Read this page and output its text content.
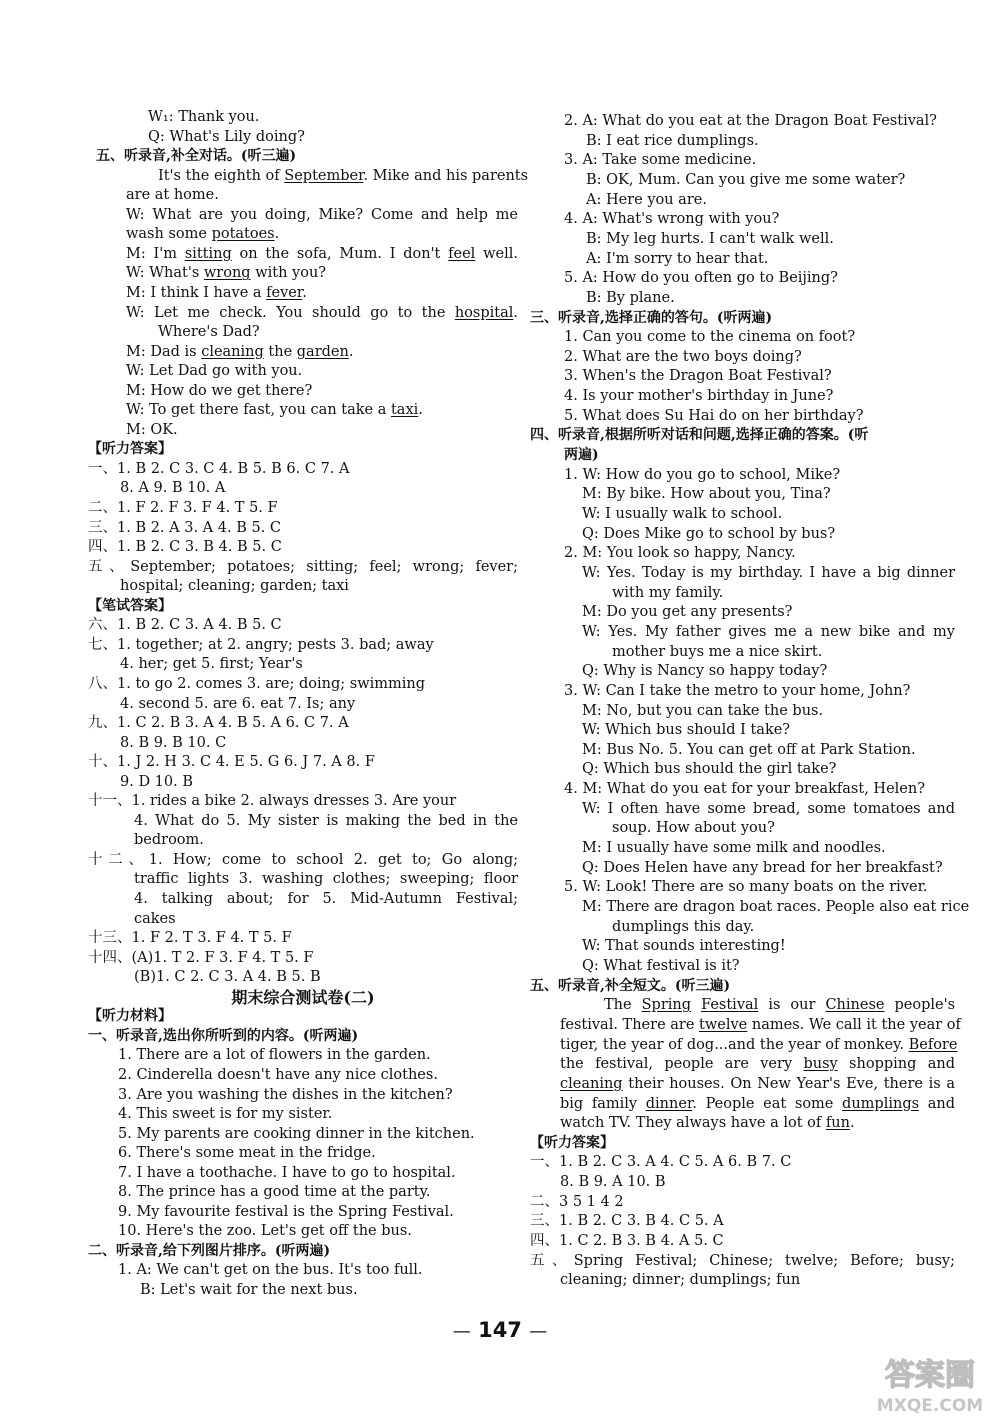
W₁: Thank you.
Q: What's Lily doing?
五、听录音,补全对话。(听三遍)
It's the eighth of September. Mike and his parents
are at home.
W: What are you doing, Mike? Come and help me
wash some potatoes.
M: I'm sitting on the sofa, Mum. I don't feel well.
W: What's wrong with you?
M: I think I have a fever.
W: Let me check. You should go to the hospital.
Where's Dad?
M: Dad is cleaning the garden.
W: Let Dad go with you.
M: How do we get there?
W: To get there fast, you can take a taxi.
M: OK.
【听力答案】
一、1. B 2. C 3. C 4. B 5. B 6. C 7. A
8. A 9. B 10. A
二、1. F 2. F 3. F 4. T 5. F
三、1. B 2. A 3. A 4. B 5. C
四、1. B 2. C 3. B 4. B 5. C
五、September; potatoes; sitting; feel; wrong; fever;
hospital; cleaning; garden; taxi
【笔试答案】
六、1. B 2. C 3. A 4. B 5. C
七、1. together; at 2. angry; pests 3. bad; away
4. her; get 5. first; Year's
八、1. to go 2. comes 3. are; doing; swimming
4. second 5. are 6. eat 7. Is; any
九、1. C 2. B 3. A 4. B 5. A 6. C 7. A
8. B 9. B 10. C
十、1. J 2. H 3. C 4. E 5. G 6. J 7. A 8. F
9. D 10. B
十一、1. rides a bike 2. always dresses 3. Are your
4. What do 5. My sister is making the bed in the
bedroom.
十二、1. How; come to school 2. get to; Go along;
traffic lights 3. washing clothes; sweeping; floor
4. talking about; for 5. Mid-Autumn Festival;
cakes
十三、1. F 2. T 3. F 4. T 5. F
十四、(A)1. T 2. F 3. F 4. T 5. F
(B)1. C 2. C 3. A 4. B 5. B
期末综合测试卷(二)
【听力材料】
一、听录音,选出你所听到的内容。(听两遍)
1. There are a lot of flowers in the garden.
2. Cinderella doesn't have any nice clothes.
3. Are you washing the dishes in the kitchen?
4. This sweet is for my sister.
5. My parents are cooking dinner in the kitchen.
6. There's some meat in the fridge.
7. I have a toothache. I have to go to hospital.
8. The prince has a good time at the party.
9. My favourite festival is the Spring Festival.
10. Here's the zoo. Let's get off the bus.
二、听录音,给下列图片排序。(听两遍)
1. A: We can't get on the bus. It's too full.
B: Let's wait for the next bus.
2. A: What do you eat at the Dragon Boat Festival?
B: I eat rice dumplings.
3. A: Take some medicine.
B: OK, Mum. Can you give me some water?
A: Here you are.
4. A: What's wrong with you?
B: My leg hurts. I can't walk well.
A: I'm sorry to hear that.
5. A: How do you often go to Beijing?
B: By plane.
三、听录音,选择正确的答句。(听两遍)
1. Can you come to the cinema on foot?
2. What are the two boys doing?
3. When's the Dragon Boat Festival?
4. Is your mother's birthday in June?
5. What does Su Hai do on her birthday?
四、听录音,根据所听对话和问题,选择正确的答案。(听
两遍)
1. W: How do you go to school, Mike?
M: By bike. How about you, Tina?
W: I usually walk to school.
Q: Does Mike go to school by bus?
2. M: You look so happy, Nancy.
W: Yes. Today is my birthday. I have a big dinner
with my family.
M: Do you get any presents?
W: Yes. My father gives me a new bike and my
mother buys me a nice skirt.
Q: Why is Nancy so happy today?
3. W: Can I take the metro to your home, John?
M: No, but you can take the bus.
W: Which bus should I take?
M: Bus No. 5. You can get off at Park Station.
Q: Which bus should the girl take?
4. M: What do you eat for your breakfast, Helen?
W: I often have some bread, some tomatoes and
soup. How about you?
M: I usually have some milk and noodles.
Q: Does Helen have any bread for her breakfast?
5. W: Look! There are so many boats on the river.
M: There are dragon boat races. People also eat rice
dumplings this day.
W: That sounds interesting!
Q: What festival is it?
五、听录音,补全短文。(听三遍)
The Spring Festival is our Chinese people's
festival. There are twelve names. We call it the year of
tiger, the year of dog...and the year of monkey. Before
the festival, people are very busy shopping and
cleaning their houses. On New Year's Eve, there is a
big family dinner. People eat some dumplings and
watch TV. They always have a lot of fun.
【听力答案】
一、1. B 2. C 3. A 4. C 5. A 6. B 7. C
8. B 9. A 10. B
二、3 5 1 4 2
三、1. B 2. C 3. B 4. C 5. A
四、1. C 2. B 3. B 4. A 5. C
五、Spring Festival; Chinese; twelve; Before; busy;
cleaning; dinner; dumplings; fun
— 147 —
答案圈
MXQE.COM
